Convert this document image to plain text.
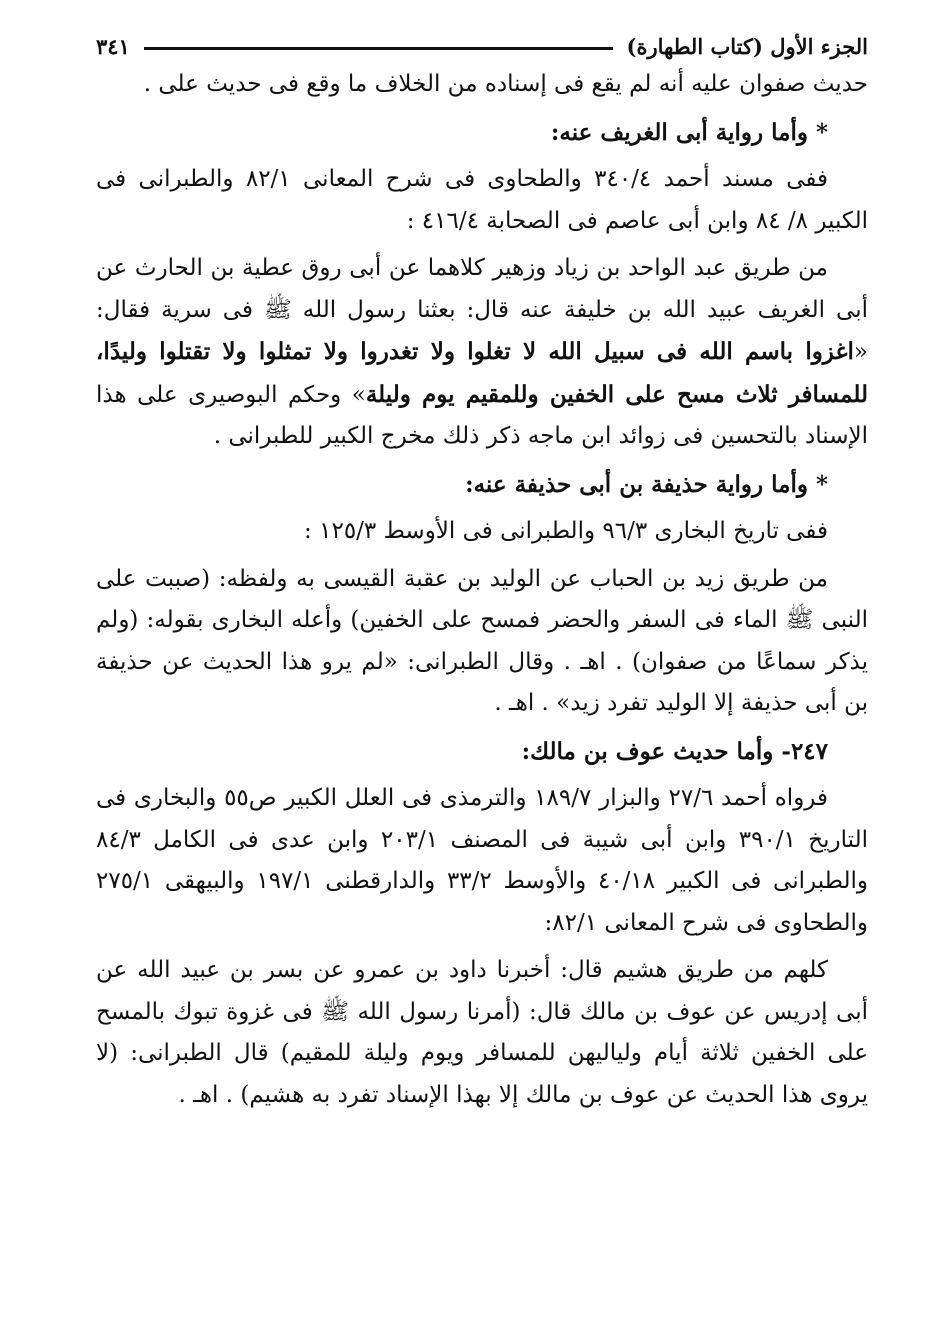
الجزء الأول (كتاب الطهارة)
٣٤١

حديث صفوان عليه أنه لم يقع فى إسناده من الخلاف ما وقع فى حديث على .

* وأما رواية أبى الغريف عنه:

ففى مسند أحمد ٣٤٠/٤ والطحاوى فى شرح المعانى ٨٢/١ والطبرانى فى الكبير ٨/ ٨٤ وابن أبى عاصم فى الصحابة ٤١٦/٤ :

من طريق عبد الواحد بن زياد وزهير كلاهما عن أبى روق عطية بن الحارث عن أبى الغريف عبيد الله بن خليفة عنه قال: بعثنا رسول الله ﷺ فى سرية فقال: «اغزوا باسم الله فى سبيل الله لا تغلوا ولا تغدروا ولا تمثلوا ولا تقتلوا وليدًا، للمسافر ثلاث مسح على الخفين وللمقيم يوم وليلة» وحكم البوصيرى على هذا الإسناد بالتحسين فى زوائد ابن ماجه ذكر ذلك مخرج الكبير للطبرانى .

* وأما رواية حذيفة بن أبى حذيفة عنه:

ففى تاريخ البخارى ٩٦/٣ والطبرانى فى الأوسط ١٢٥/٣ :

من طريق زيد بن الحباب عن الوليد بن عقبة القيسى به ولفظه: (صببت على النبى ﷺ الماء فى السفر والحضر فمسح على الخفين) وأعله البخارى بقوله: (ولم يذكر سماعًا من صفوان) . اهـ . وقال الطبرانى: «لم يرو هذا الحديث عن حذيفة بن أبى حذيفة إلا الوليد تفرد زيد» . اهـ .

٢٤٧- وأما حديث عوف بن مالك:

فرواه أحمد ٢٧/٦ والبزار ١٨٩/٧ والترمذى فى العلل الكبير ص٥٥ والبخارى فى التاريخ ٣٩٠/١ وابن أبى شيبة فى المصنف ٢٠٣/١ وابن عدى فى الكامل ٨٤/٣ والطبرانى فى الكبير ٤٠/١٨ والأوسط ٣٣/٢ والدارقطنى ١٩٧/١ والبيهقى ٢٧٥/١ والطحاوى فى شرح المعانى ٨٢/١:

كلهم من طريق هشيم قال: أخبرنا داود بن عمرو عن بسر بن عبيد الله عن أبى إدريس عن عوف بن مالك قال: (أمرنا رسول الله ﷺ فى غزوة تبوك بالمسح على الخفين ثلاثة أيام ولياليهن للمسافر ويوم وليلة للمقيم) قال الطبرانى: (لا يروى هذا الحديث عن عوف بن مالك إلا بهذا الإسناد تفرد به هشيم) . اهـ .
